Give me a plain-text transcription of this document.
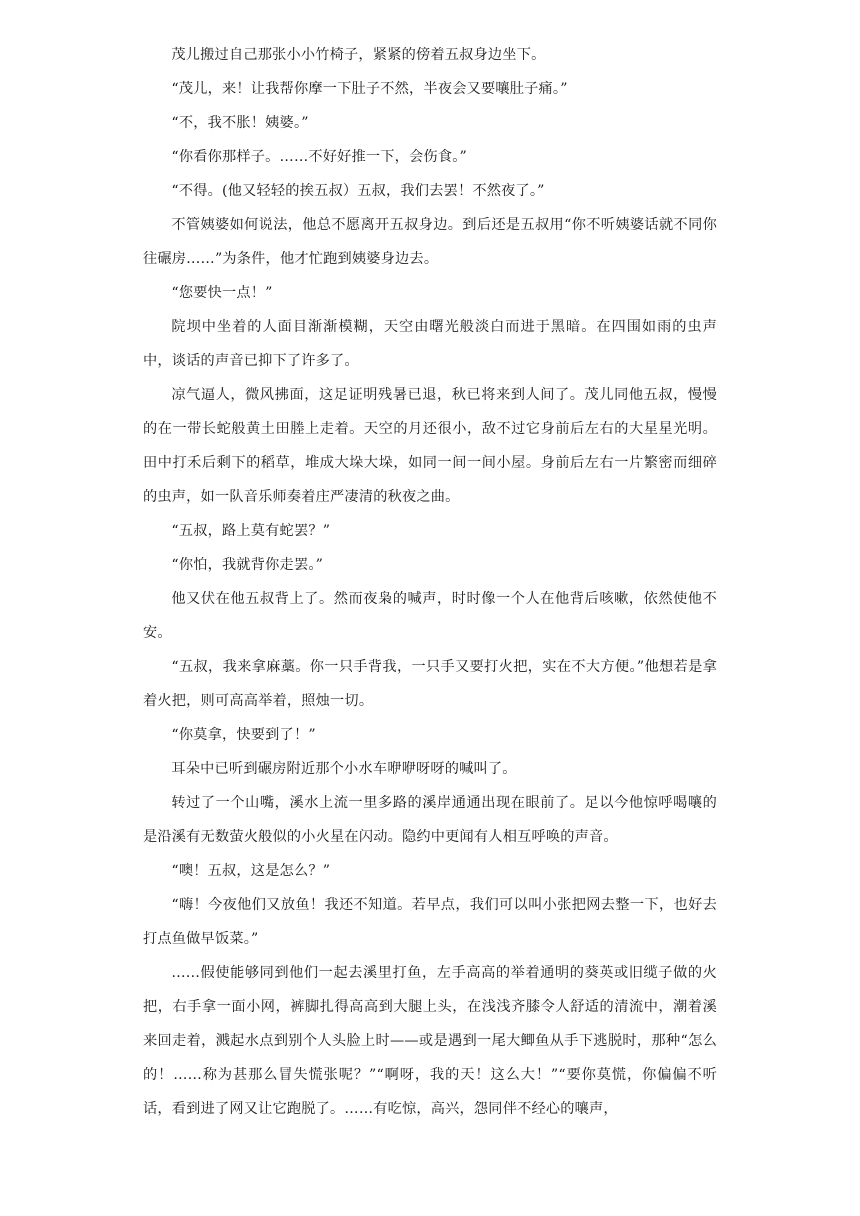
茂儿搬过自己那张小小竹椅子，紧紧的傍着五叔身边坐下。

“茂儿，来！让我帮你摩一下肚子不然，半夜会又要嚷肚子痛。”

“不，我不胀！姨婆。”

“你看你那样子。……不好好推一下，会伤食。”

“不得。(他又轻轻的挨五叔）五叔，我们去罢！不然夜了。”

不管姨婆如何说法，他总不愿离开五叔身边。到后还是五叔用“你不听姨婆话就不同你往碾房……”为条件，他才忙跑到姨婆身边去。

“您要快一点！”

院坝中坐着的人面目渐渐模糊，天空由曙光般淡白而进于黑暗。在四围如雨的虫声中，谈话的声音已抑下了许多了。

凉气逼人，微风拂面，这足证明残暑已退，秋已将来到人间了。茂儿同他五叔，慢慢的在一带长蛇般黄土田塍上走着。天空的月还很小，敌不过它身前后左右的大星星光明。田中打禾后剩下的稻草，堆成大垛大垛，如同一间一间小屋。身前后左右一片繁密而细碎的虫声，如一队音乐师奏着庄严凄清的秋夜之曲。

“五叔，路上莫有蛇罢？”

“你怕，我就背你走罢。”

他又伏在他五叔背上了。然而夜枭的喊声，时时像一个人在他背后咳嗽，依然使他不安。

“五叔，我来拿麻藁。你一只手背我，一只手又要打火把，实在不大方便。”他想若是拿着火把，则可高高举着，照烛一切。

“你莫拿，快要到了！”

耳朵中已听到碾房附近那个小水车咿咿呀呀的喊叫了。

转过了一个山嘴，溪水上流一里多路的溪岸通通出现在眼前了。足以今他惊呼喝嚷的是沿溪有无数萤火般似的小火星在闪动。隐约中更闻有人相互呼唤的声音。

“噢！五叔，这是怎么？”

“嗨！今夜他们又放鱼！我还不知道。若早点，我们可以叫小张把网去整一下，也好去打点鱼做早饭菜。”

……假使能够同到他们一起去溪里打鱼，左手高高的举着通明的葵英或旧缆子做的火把，右手拿一面小网，裤脚扎得高高到大腿上头，在浅浅齐膝令人舒适的清流中，潮着溪来回走着，溅起水点到别个人头脸上时——或是遇到一尾大鲫鱼从手下逃脱时，那种“怎么的！……称为甚那么冒失慌张呢？”“啊呀，我的天！这么大！”“要你莫慌，你偏偏不听话，看到进了网又让它跑脱了。……有吃惊，高兴，怨同伴不经心的嚷声，
